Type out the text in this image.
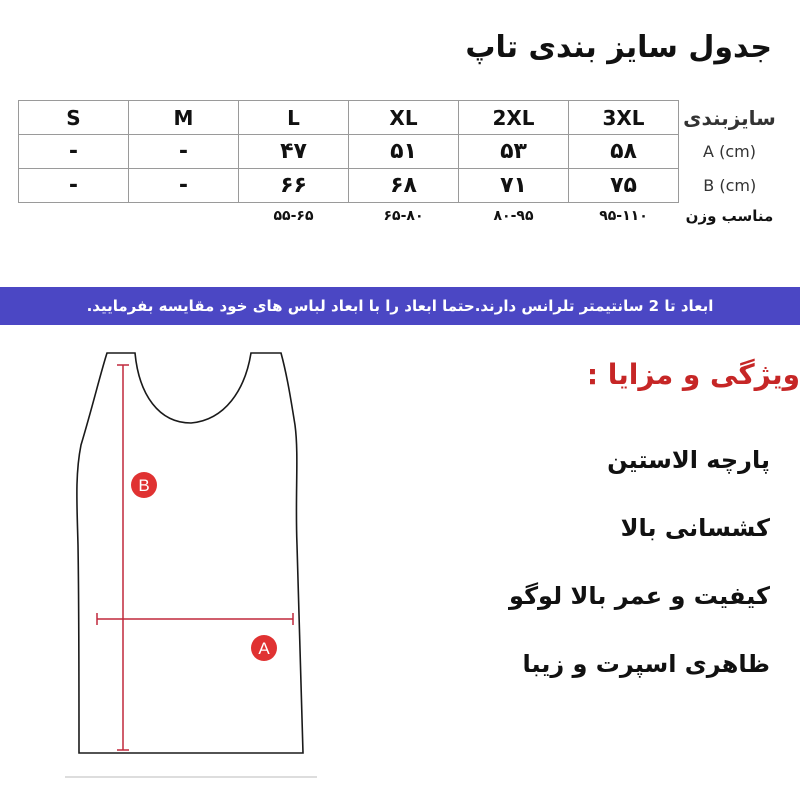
جدول سایز بندی تاپ
S	M	L	XL	2XL	3XL	سایزبندی
-	-	۴۷	۵۱	۵۳	۵۸	A (cm)
-	-	۶۶	۶۸	۷۱	۷۵	B (cm)
		۵۵-۶۵	۶۵-۸۰	۸۰-۹۵	۹۵-۱۱۰	مناسب وزن
ابعاد تا 2 سانتیمتر تلرانس دارند.حتما ابعاد را با ابعاد لباس های خود مقایسه بفرمایید.
B
A
ویژگی و مزایا :
پارچه الاستین
کشسانی بالا
کیفیت و عمر بالا لوگو
ظاهری اسپرت و زیبا
